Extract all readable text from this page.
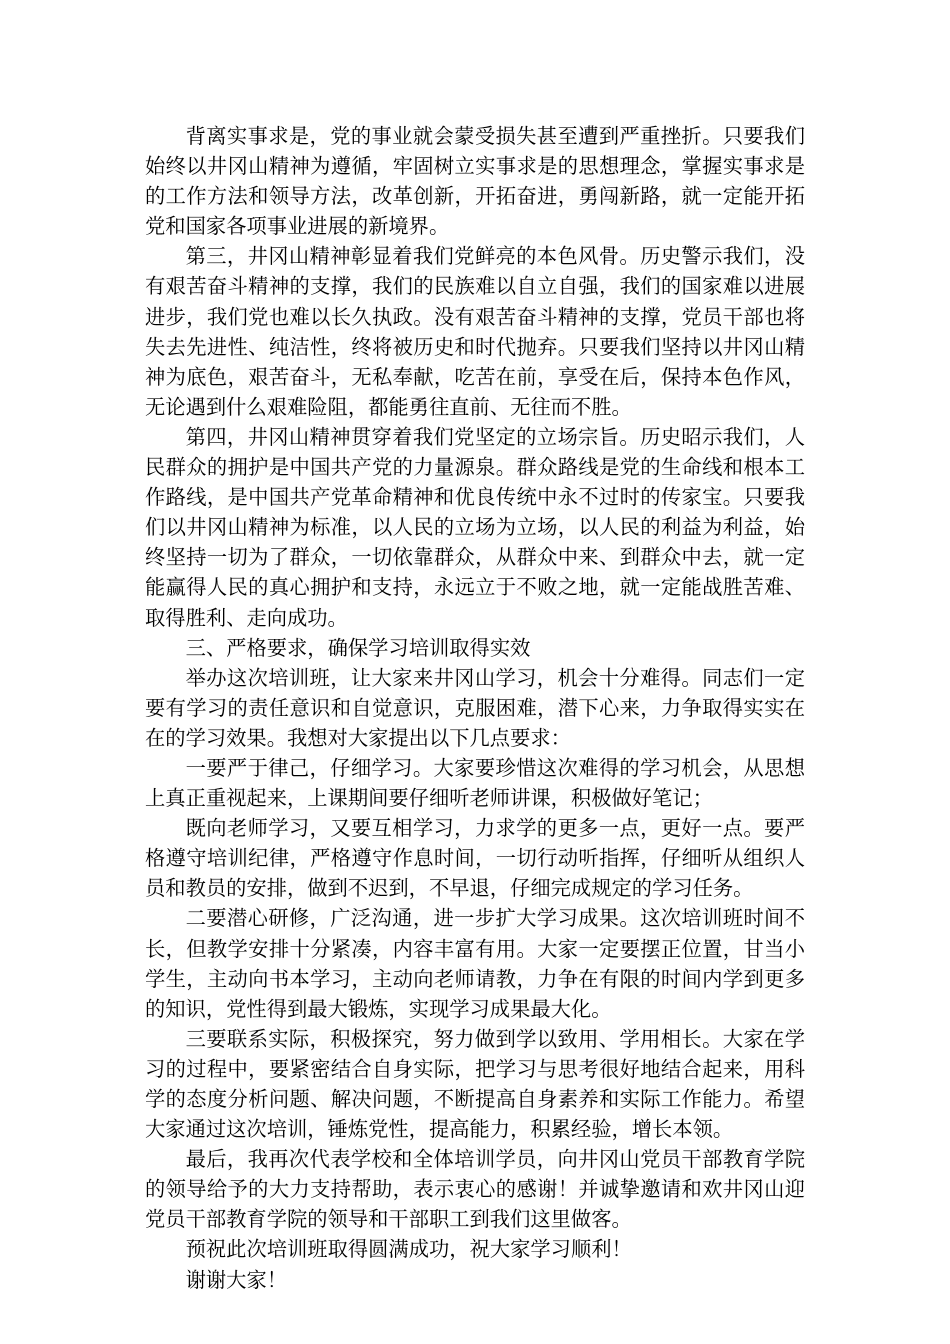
背离实事求是，党的事业就会蒙受损失甚至遭到严重挫折。只要我们始终以井冈山精神为遵循，牢固树立实事求是的思想理念，掌握实事求是的工作方法和领导方法，改革创新，开拓奋进，勇闯新路，就一定能开拓党和国家各项事业进展的新境界。

第三，井冈山精神彰显着我们党鲜亮的本色风骨。历史警示我们，没有艰苦奋斗精神的支撑，我们的民族难以自立自强，我们的国家难以进展进步，我们党也难以长久执政。没有艰苦奋斗精神的支撑，党员干部也将失去先进性、纯洁性，终将被历史和时代抛弃。只要我们坚持以井冈山精神为底色，艰苦奋斗，无私奉献，吃苦在前，享受在后，保持本色作风，无论遇到什么艰难险阻，都能勇往直前、无往而不胜。

第四，井冈山精神贯穿着我们党坚定的立场宗旨。历史昭示我们，人民群众的拥护是中国共产党的力量源泉。群众路线是党的生命线和根本工作路线，是中国共产党革命精神和优良传统中永不过时的传家宝。只要我们以井冈山精神为标准，以人民的立场为立场，以人民的利益为利益，始终坚持一切为了群众，一切依靠群众，从群众中来、到群众中去，就一定能赢得人民的真心拥护和支持，永远立于不败之地，就一定能战胜苦难、取得胜利、走向成功。

三、严格要求，确保学习培训取得实效

举办这次培训班，让大家来井冈山学习，机会十分难得。同志们一定要有学习的责任意识和自觉意识，克服困难，潜下心来，力争取得实实在在的学习效果。我想对大家提出以下几点要求：

一要严于律己，仔细学习。大家要珍惜这次难得的学习机会，从思想上真正重视起来，上课期间要仔细听老师讲课，积极做好笔记；

既向老师学习，又要互相学习，力求学的更多一点，更好一点。要严格遵守培训纪律，严格遵守作息时间，一切行动听指挥，仔细听从组织人员和教员的安排，做到不迟到，不早退，仔细完成规定的学习任务。

二要潜心研修，广泛沟通，进一步扩大学习成果。这次培训班时间不长，但教学安排十分紧凑，内容丰富有用。大家一定要摆正位置，甘当小学生，主动向书本学习，主动向老师请教，力争在有限的时间内学到更多的知识，党性得到最大锻炼，实现学习成果最大化。

三要联系实际，积极探究，努力做到学以致用、学用相长。大家在学习的过程中，要紧密结合自身实际，把学习与思考很好地结合起来，用科学的态度分析问题、解决问题，不断提高自身素养和实际工作能力。希望大家通过这次培训，锤炼党性，提高能力，积累经验，增长本领。

最后，我再次代表学校和全体培训学员，向井冈山党员干部教育学院的领导给予的大力支持帮助，表示衷心的感谢！并诚挚邀请和欢井冈山迎党员干部教育学院的领导和干部职工到我们这里做客。

预祝此次培训班取得圆满成功，祝大家学习顺利！

谢谢大家！
